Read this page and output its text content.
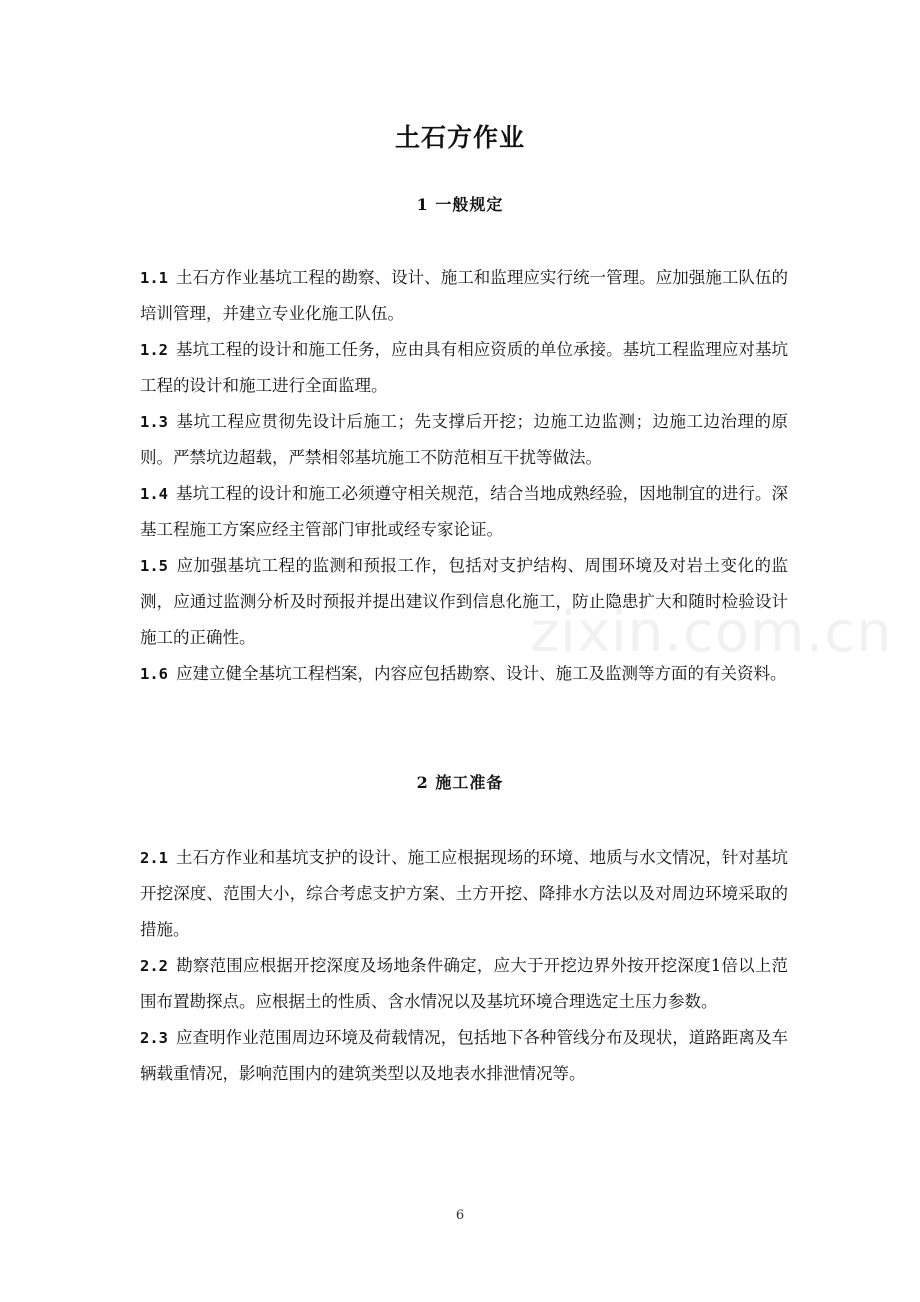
土石方作业
1 一般规定

1.1 土石方作业基坑工程的勘察、设计、施工和监理应实行统一管理。应加强施工队伍的培训管理，并建立专业化施工队伍。

1.2 基坑工程的设计和施工任务，应由具有相应资质的单位承接。基坑工程监理应对基坑工程的设计和施工进行全面监理。

1.3 基坑工程应贯彻先设计后施工；先支撑后开挖；边施工边监测；边施工边治理的原则。严禁坑边超载，严禁相邻基坑施工不防范相互干扰等做法。

1.4 基坑工程的设计和施工必须遵守相关规范，结合当地成熟经验，因地制宜的进行。深基工程施工方案应经主管部门审批或经专家论证。

1.5 应加强基坑工程的监测和预报工作，包括对支护结构、周围环境及对岩土变化的监测，应通过监测分析及时预报并提出建议作到信息化施工，防止隐患扩大和随时检验设计施工的正确性。

1.6 应建立健全基坑工程档案，内容应包括勘察、设计、施工及监测等方面的有关资料。

2 施工准备

2.1 土石方作业和基坑支护的设计、施工应根据现场的环境、地质与水文情况，针对基坑开挖深度、范围大小，综合考虑支护方案、土方开挖、降排水方法以及对周边环境采取的措施。

2.2 勘察范围应根据开挖深度及场地条件确定，应大于开挖边界外按开挖深度1倍以上范围布置勘探点。应根据土的性质、含水情况以及基坑环境合理选定土压力参数。

2.3 应查明作业范围周边环境及荷载情况，包括地下各种管线分布及现状，道路距离及车辆载重情况，影响范围内的建筑类型以及地表水排泄情况等。

zixin.com.cn
6
